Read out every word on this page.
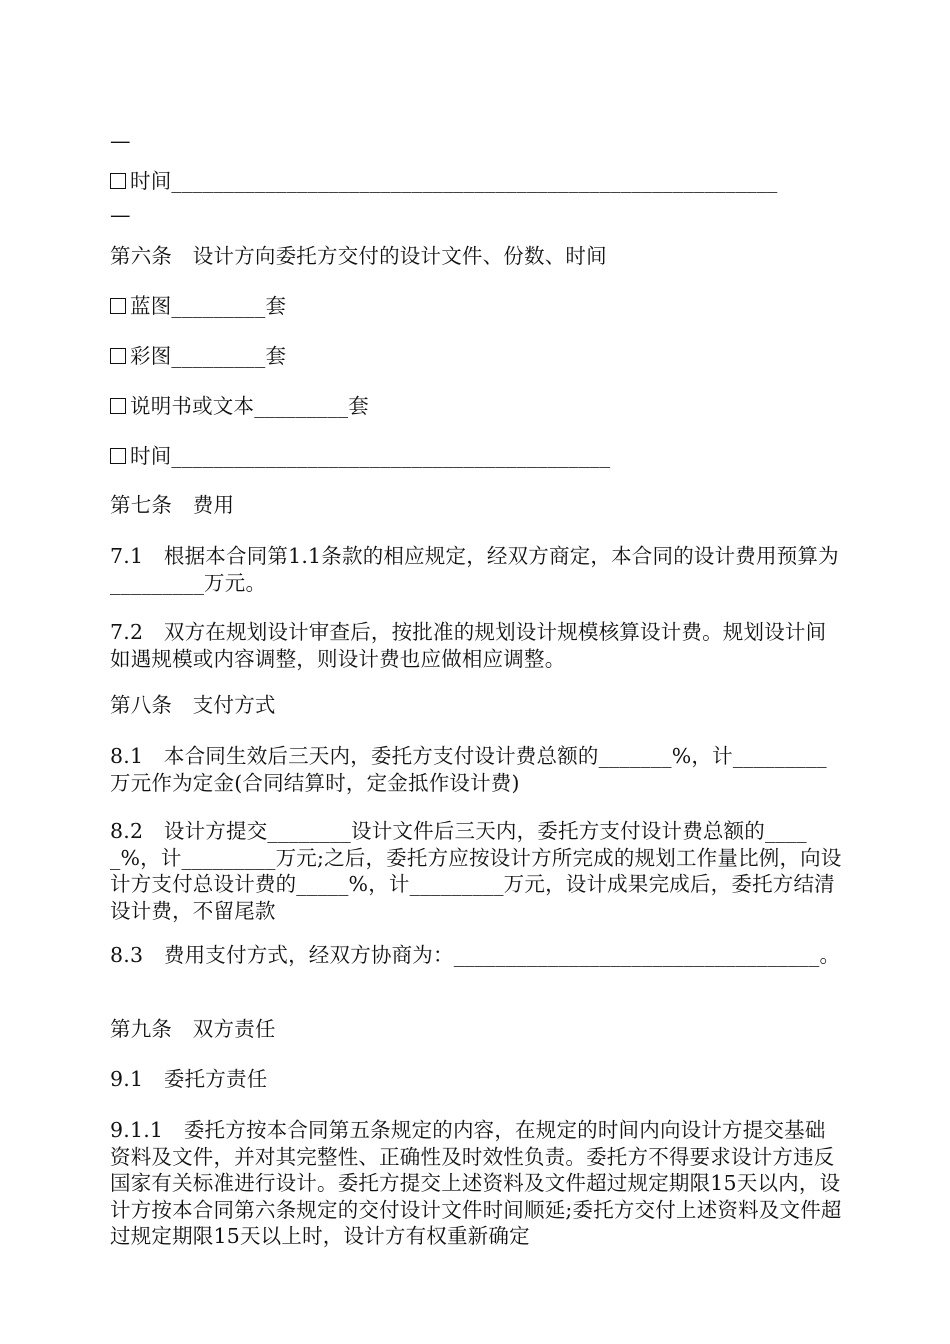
—
时间__________________________________________________________
—
第六条　设计方向委托方交付的设计文件、份数、时间
蓝图_________套
彩图_________套
说明书或文本_________套
时间__________________________________________
第七条　费用
7.1　根据本合同第1.1条款的相应规定，经双方商定，本合同的设计费用预算为_________万元。
7.2　双方在规划设计审查后，按批准的规划设计规模核算设计费。规划设计间如遇规模或内容调整，则设计费也应做相应调整。
第八条　支付方式
8.1　本合同生效后三天内，委托方支付设计费总额的_______%，计_________万元作为定金(合同结算时，定金抵作设计费)
8.2　设计方提交________设计文件后三天内，委托方支付设计费总额的_____%，计_________万元;之后，委托方应按设计方所完成的规划工作量比例，向设计方支付总设计费的_____%，计_________万元，设计成果完成后，委托方结清设计费，不留尾款
8.3　费用支付方式，经双方协商为：___________________________________。
第九条　双方责任
9.1　委托方责任
9.1.1　委托方按本合同第五条规定的内容，在规定的时间内向设计方提交基础资料及文件，并对其完整性、正确性及时效性负责。委托方不得要求设计方违反国家有关标准进行设计。委托方提交上述资料及文件超过规定期限15天以内，设计方按本合同第六条规定的交付设计文件时间顺延;委托方交付上述资料及文件超过规定期限15天以上时，设计方有权重新确定
